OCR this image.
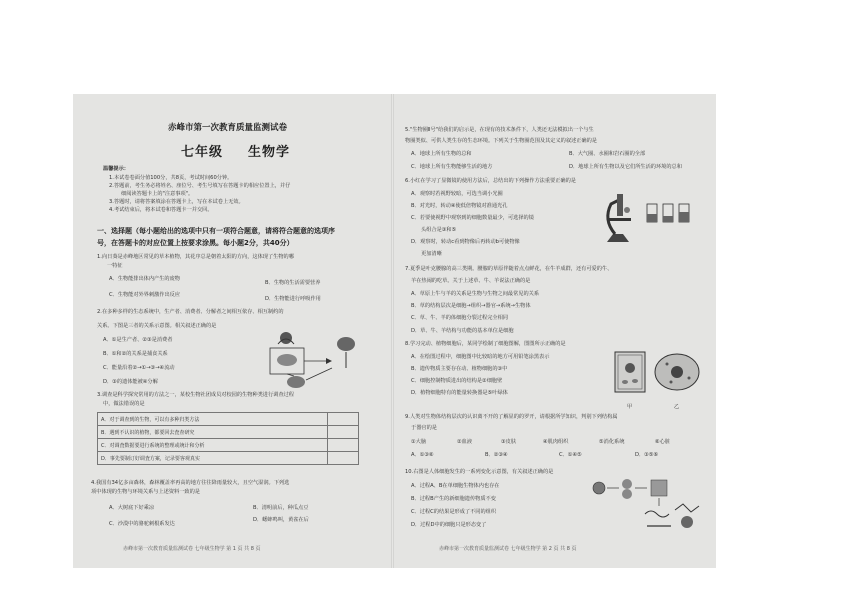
赤峰市第一次教育质量监测试卷
七年级 生物学
温馨提示：
1.本试卷卷面分值100分，共8页，考试时间60分钟。
2.答题前，考生务必将姓名、座位号、考生号填写在答题卡的相应位置上，并仔
细阅读答题卡上的"注意事项"。
3.答题时，请将答案填涂在答题卡上，写在本试卷上无效。
4.考试结束后，将本试卷和答题卡一并交回。
一、选择题（每小题给出的选项中只有一项符合题意，请将符合题意的选项序
号，在答题卡的对应位置上按要求涂黑。每小题2分，共40分）
1.向日葵是赤峰地区常见的草本植物，其花序总是朝着太阳的方向，这体现了生物的哪
一特征
A．生物能排出体内产生的废物
B．生物的生活需要营养
C．生物能对外界刺激作出反应
D．生物能进行呼吸作用
2.在多种多样的生态系统中，生产者、消费者、分解者之间相互依存、相互制约的
关系。下图是三者的关系示意图。相关叙述正确的是
A．①是生产者、②③是消费者
B．①和②的关系是捕食关系
C．能量沿着②→①→③→④流动
D．③的遗体能被④分解
3.调查是科学探究常用的方法之一，某校生物社团成员对校园的生物种类进行调查过程
中，做法错误的是
A．对于调查到的生物，可以有多种归类方法	
B．遇到不认识的植物，都要回去査查研究	
C．对调査数据要进行系统的整理或统计和分析	
D．事先要制订好调査方案，记录要客观真实	
4.我国有34亿多亩森林，森林覆盖率再高的地方往往降雨量较大，且空气湿润。下列选
项中体现的生物与环境关系与上述资料一致的是
A．大树底下好乘凉	B．清明前后，种瓜点豆
C．沙漠中的骆驼刺根系发达
D．蟋蟀鸣叫，黄雀在后
赤峰市第一次教育质量监测试卷 七年级生物学 第 1 页 共 8 页
5."生物圈Ⅱ号"给我们的启示是，在现有的技术条件下，人类还无法模拟出一个与生
物圈类似、可供人类生存的生态环境。下列关于生物圈范围及其定义的叙述正确的是
A．地球上所有生物的总和	B．大气圈、水圈和岩石圈的全部
C．地球上所有生物能够生活的地方	D．地球上所有生物以及它们所生活的环境的总和
6.小红在学习了显微镜的使用方法后，总结出的下列操作方法重要正确的是
A．观察时若视野较暗，可选当调小光圈
B．对光时，转动④使低倍物镜对准通光孔
C．若要使视野中观察到的细胞数量最少，可选择的镜
头组合是③和⑤
D．观察时，转动c看到物像后再转动b可使物像
更加清晰
7.夏季是叶克腰腺的高三类期。腰腺的草原伴随着点点鲜花，在牛羊成群，还有可爱的牛、
羊在热闹的吃草。关于上述草、牛、羊说法正确的是
A．草原上牛与羊的关系是生物与生物之间最常见的关系
B．草的结构层次是细胞→组织→器官→系统→生物体
C．草、牛、羊的体细胞分裂过程完全相同
D．草、牛、羊结构与功能的基本单位是细胞
8.学习完动、植物细胞后，某同学绘制了细胞图解，图图所示正确的是
A．在绘图过程中，细胞图中比较暗的地方可用铅笔涂黑表示
B．遗传物质主要存在动、植物细胞的③中
C．细胞控制物质进出的结构是②细胞壁
D．植物细胞特有的能量转换器是⑤叶绿体
甲	乙
9.人类对生物体结构层次的认识离不开的了解显的的罗开，请根据所学知识，判别下列结构属
于器官的是
①大脑	②血液	③皮肤	④肌肉组织	⑤消化系统	⑥心脏
A．①③⑥	B．②③④	C．①④⑤	D．③⑤⑥
10.右图是人体细胞发生的一系列变化示意图，有关叙述正确的是
A．过程A、B在单细胞生物体内也存在
B．过程B产生的新细胞遗传物质不变
C．过程C的结果是形成了不同的组织
D．过程D中的细胞只是形态变了
赤峰市第一次教育质量监测试卷 七年级生物学 第 2 页 共 8 页
